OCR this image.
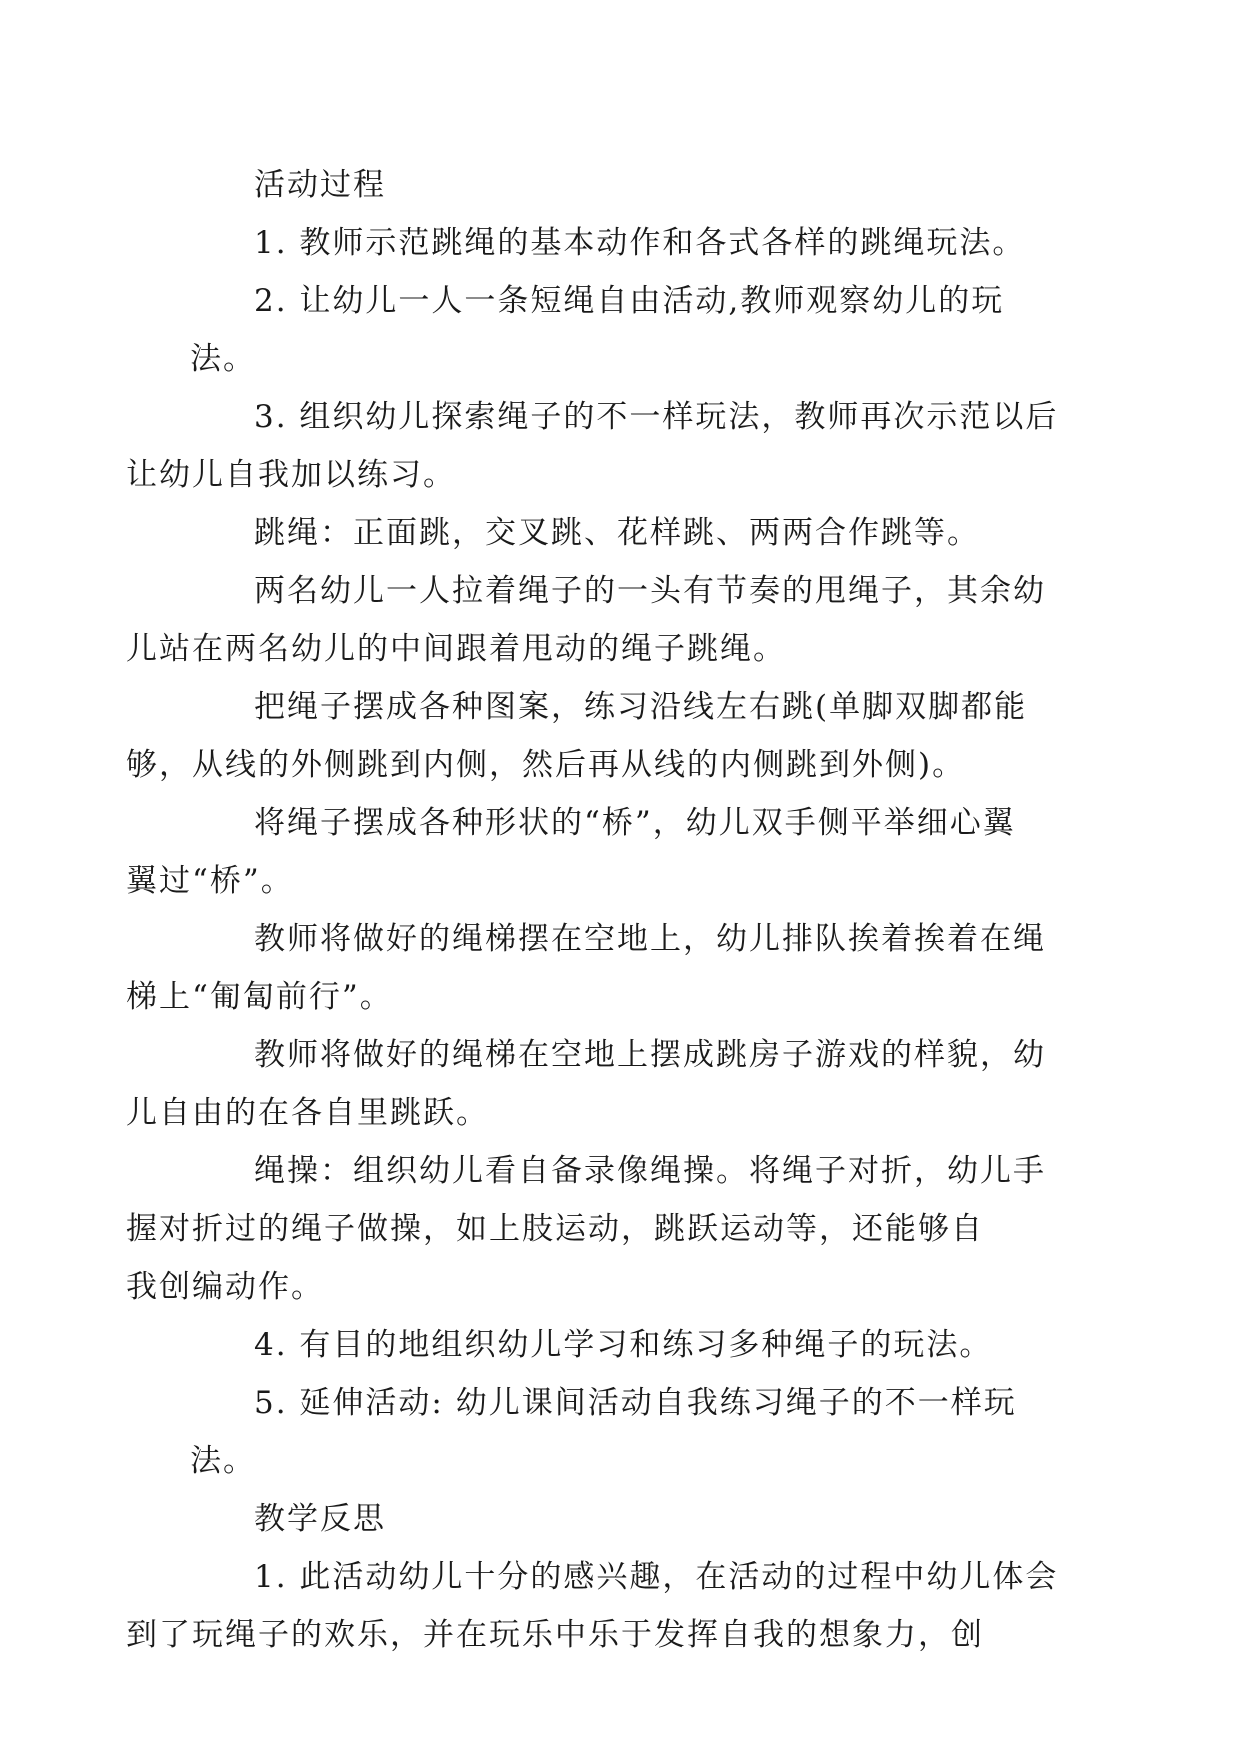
活动过程
1. 教师示范跳绳的基本动作和各式各样的跳绳玩法。
2. 让幼儿一人一条短绳自由活动,教师观察幼儿的玩法。
3. 组织幼儿探索绳子的不一样玩法，教师再次示范以后
让幼儿自我加以练习。
跳绳：正面跳，交叉跳、花样跳、两两合作跳等。
两名幼儿一人拉着绳子的一头有节奏的甩绳子，其余幼
儿站在两名幼儿的中间跟着甩动的绳子跳绳。
把绳子摆成各种图案，练习沿线左右跳(单脚双脚都能
够，从线的外侧跳到内侧，然后再从线的内侧跳到外侧)。
将绳子摆成各种形状的“桥”，幼儿双手侧平举细心翼
翼过“桥”。
教师将做好的绳梯摆在空地上，幼儿排队挨着挨着在绳
梯上“匍匐前行”。
教师将做好的绳梯在空地上摆成跳房子游戏的样貌，幼
儿自由的在各自里跳跃。
绳操：组织幼儿看自备录像绳操。将绳子对折，幼儿手
握对折过的绳子做操，如上肢运动，跳跃运动等，还能够自
我创编动作。
4. 有目的地组织幼儿学习和练习多种绳子的玩法。
5. 延伸活动: 幼儿课间活动自我练习绳子的不一样玩法。
教学反思
1. 此活动幼儿十分的感兴趣，在活动的过程中幼儿体会
到了玩绳子的欢乐，并在玩乐中乐于发挥自我的想象力，创
